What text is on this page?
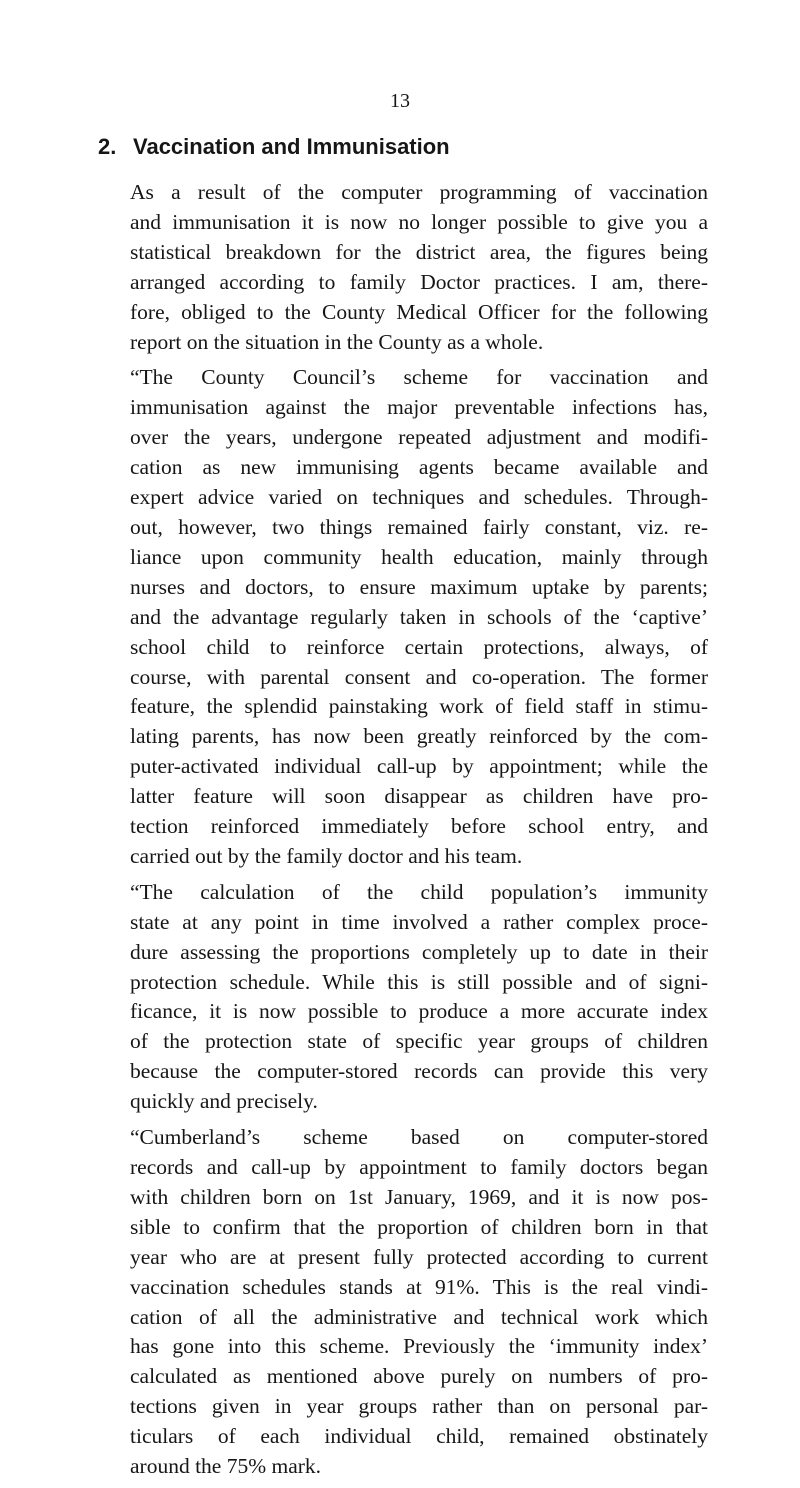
13
2. Vaccination and Immunisation
As a result of the computer programming of vaccination
and immunisation it is now no longer possible to give you a
statistical breakdown for the district area, the figures being
arranged according to family Doctor practices. I am, there-
fore, obliged to the County Medical Officer for the following
report on the situation in the County as a whole.
“The County Council’s scheme for vaccination and
immunisation against the major preventable infections has,
over the years, undergone repeated adjustment and modifi-
cation as new immunising agents became available and
expert advice varied on techniques and schedules. Through-
out, however, two things remained fairly constant, viz. re-
liance upon community health education, mainly through
nurses and doctors, to ensure maximum uptake by parents;
and the advantage regularly taken in schools of the ‘captive’
school child to reinforce certain protections, always, of
course, with parental consent and co-operation. The former
feature, the splendid painstaking work of field staff in stimu-
lating parents, has now been greatly reinforced by the com-
puter-activated individual call-up by appointment; while the
latter feature will soon disappear as children have pro-
tection reinforced immediately before school entry, and
carried out by the family doctor and his team.
“The calculation of the child population’s immunity
state at any point in time involved a rather complex proce-
dure assessing the proportions completely up to date in their
protection schedule. While this is still possible and of signi-
ficance, it is now possible to produce a more accurate index
of the protection state of specific year groups of children
because the computer-stored records can provide this very
quickly and precisely.
“Cumberland’s scheme based on computer-stored
records and call-up by appointment to family doctors began
with children born on 1st January, 1969, and it is now pos-
sible to confirm that the proportion of children born in that
year who are at present fully protected according to current
vaccination schedules stands at 91%. This is the real vindi-
cation of all the administrative and technical work which
has gone into this scheme. Previously the ‘immunity index’
calculated as mentioned above purely on numbers of pro-
tections given in year groups rather than on personal par-
ticulars of each individual child, remained obstinately
around the 75% mark.
